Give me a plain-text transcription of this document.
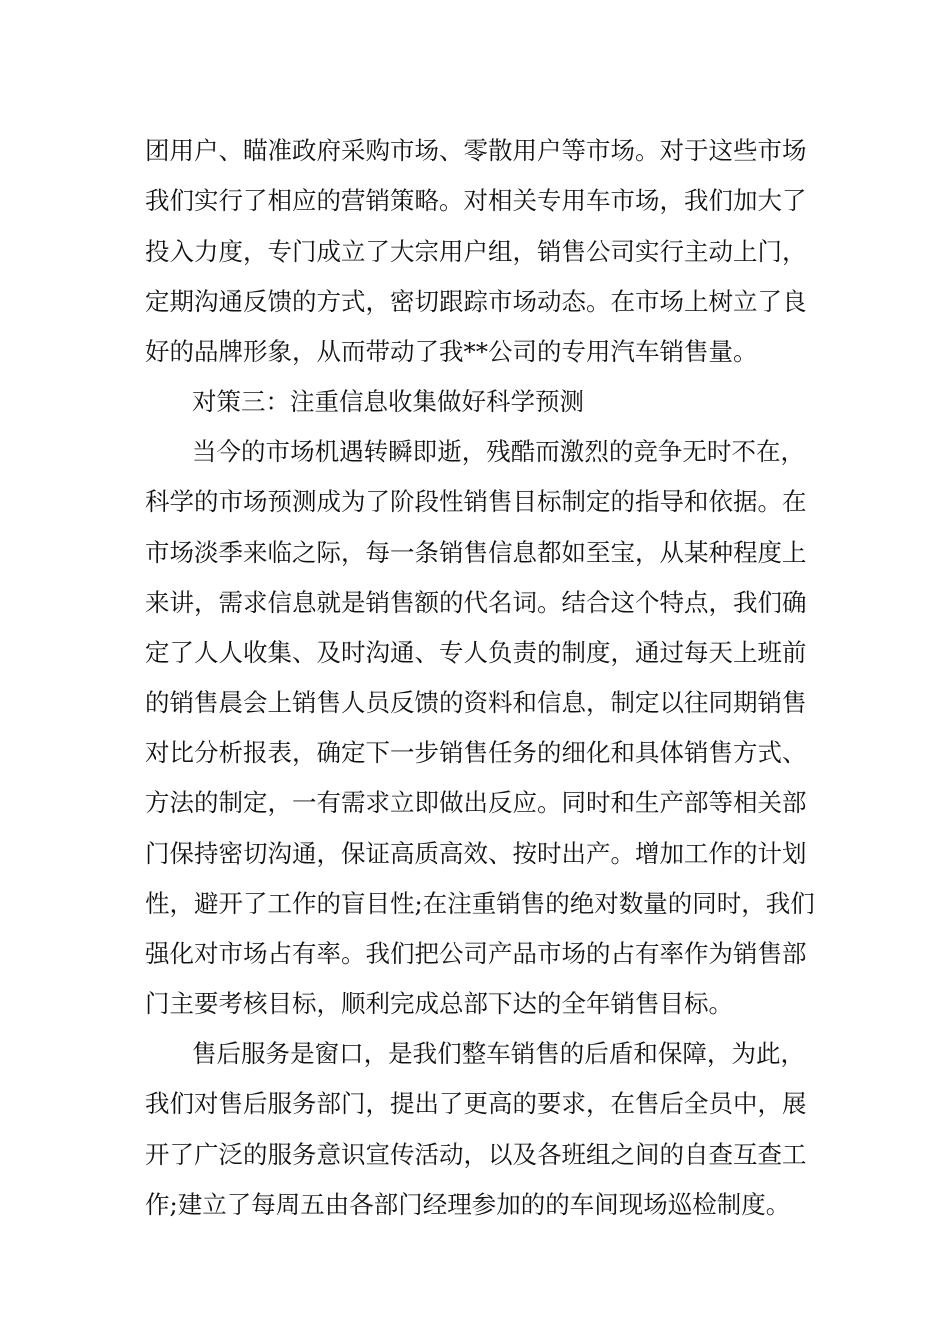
团用户、瞄准政府采购市场、零散用户等市场。对于这些市场
我们实行了相应的营销策略。对相关专用车市场，我们加大了
投入力度，专门成立了大宗用户组，销售公司实行主动上门，
定期沟通反馈的方式，密切跟踪市场动态。在市场上树立了良
好的品牌形象，从而带动了我**公司的专用汽车销售量。
对策三：注重信息收集做好科学预测
当今的市场机遇转瞬即逝，残酷而激烈的竞争无时不在，
科学的市场预测成为了阶段性销售目标制定的指导和依据。在
市场淡季来临之际，每一条销售信息都如至宝，从某种程度上
来讲，需求信息就是销售额的代名词。结合这个特点，我们确
定了人人收集、及时沟通、专人负责的制度，通过每天上班前
的销售晨会上销售人员反馈的资料和信息，制定以往同期销售
对比分析报表，确定下一步销售任务的细化和具体销售方式、
方法的制定，一有需求立即做出反应。同时和生产部等相关部
门保持密切沟通，保证高质高效、按时出产。增加工作的计划
性，避开了工作的盲目性;在注重销售的绝对数量的同时，我们
强化对市场占有率。我们把公司产品市场的占有率作为销售部
门主要考核目标，顺利完成总部下达的全年销售目标。
售后服务是窗口，是我们整车销售的后盾和保障，为此，
我们对售后服务部门，提出了更高的要求，在售后全员中，展
开了广泛的服务意识宣传活动，以及各班组之间的自查互查工
作;建立了每周五由各部门经理参加的的车间现场巡检制度。
